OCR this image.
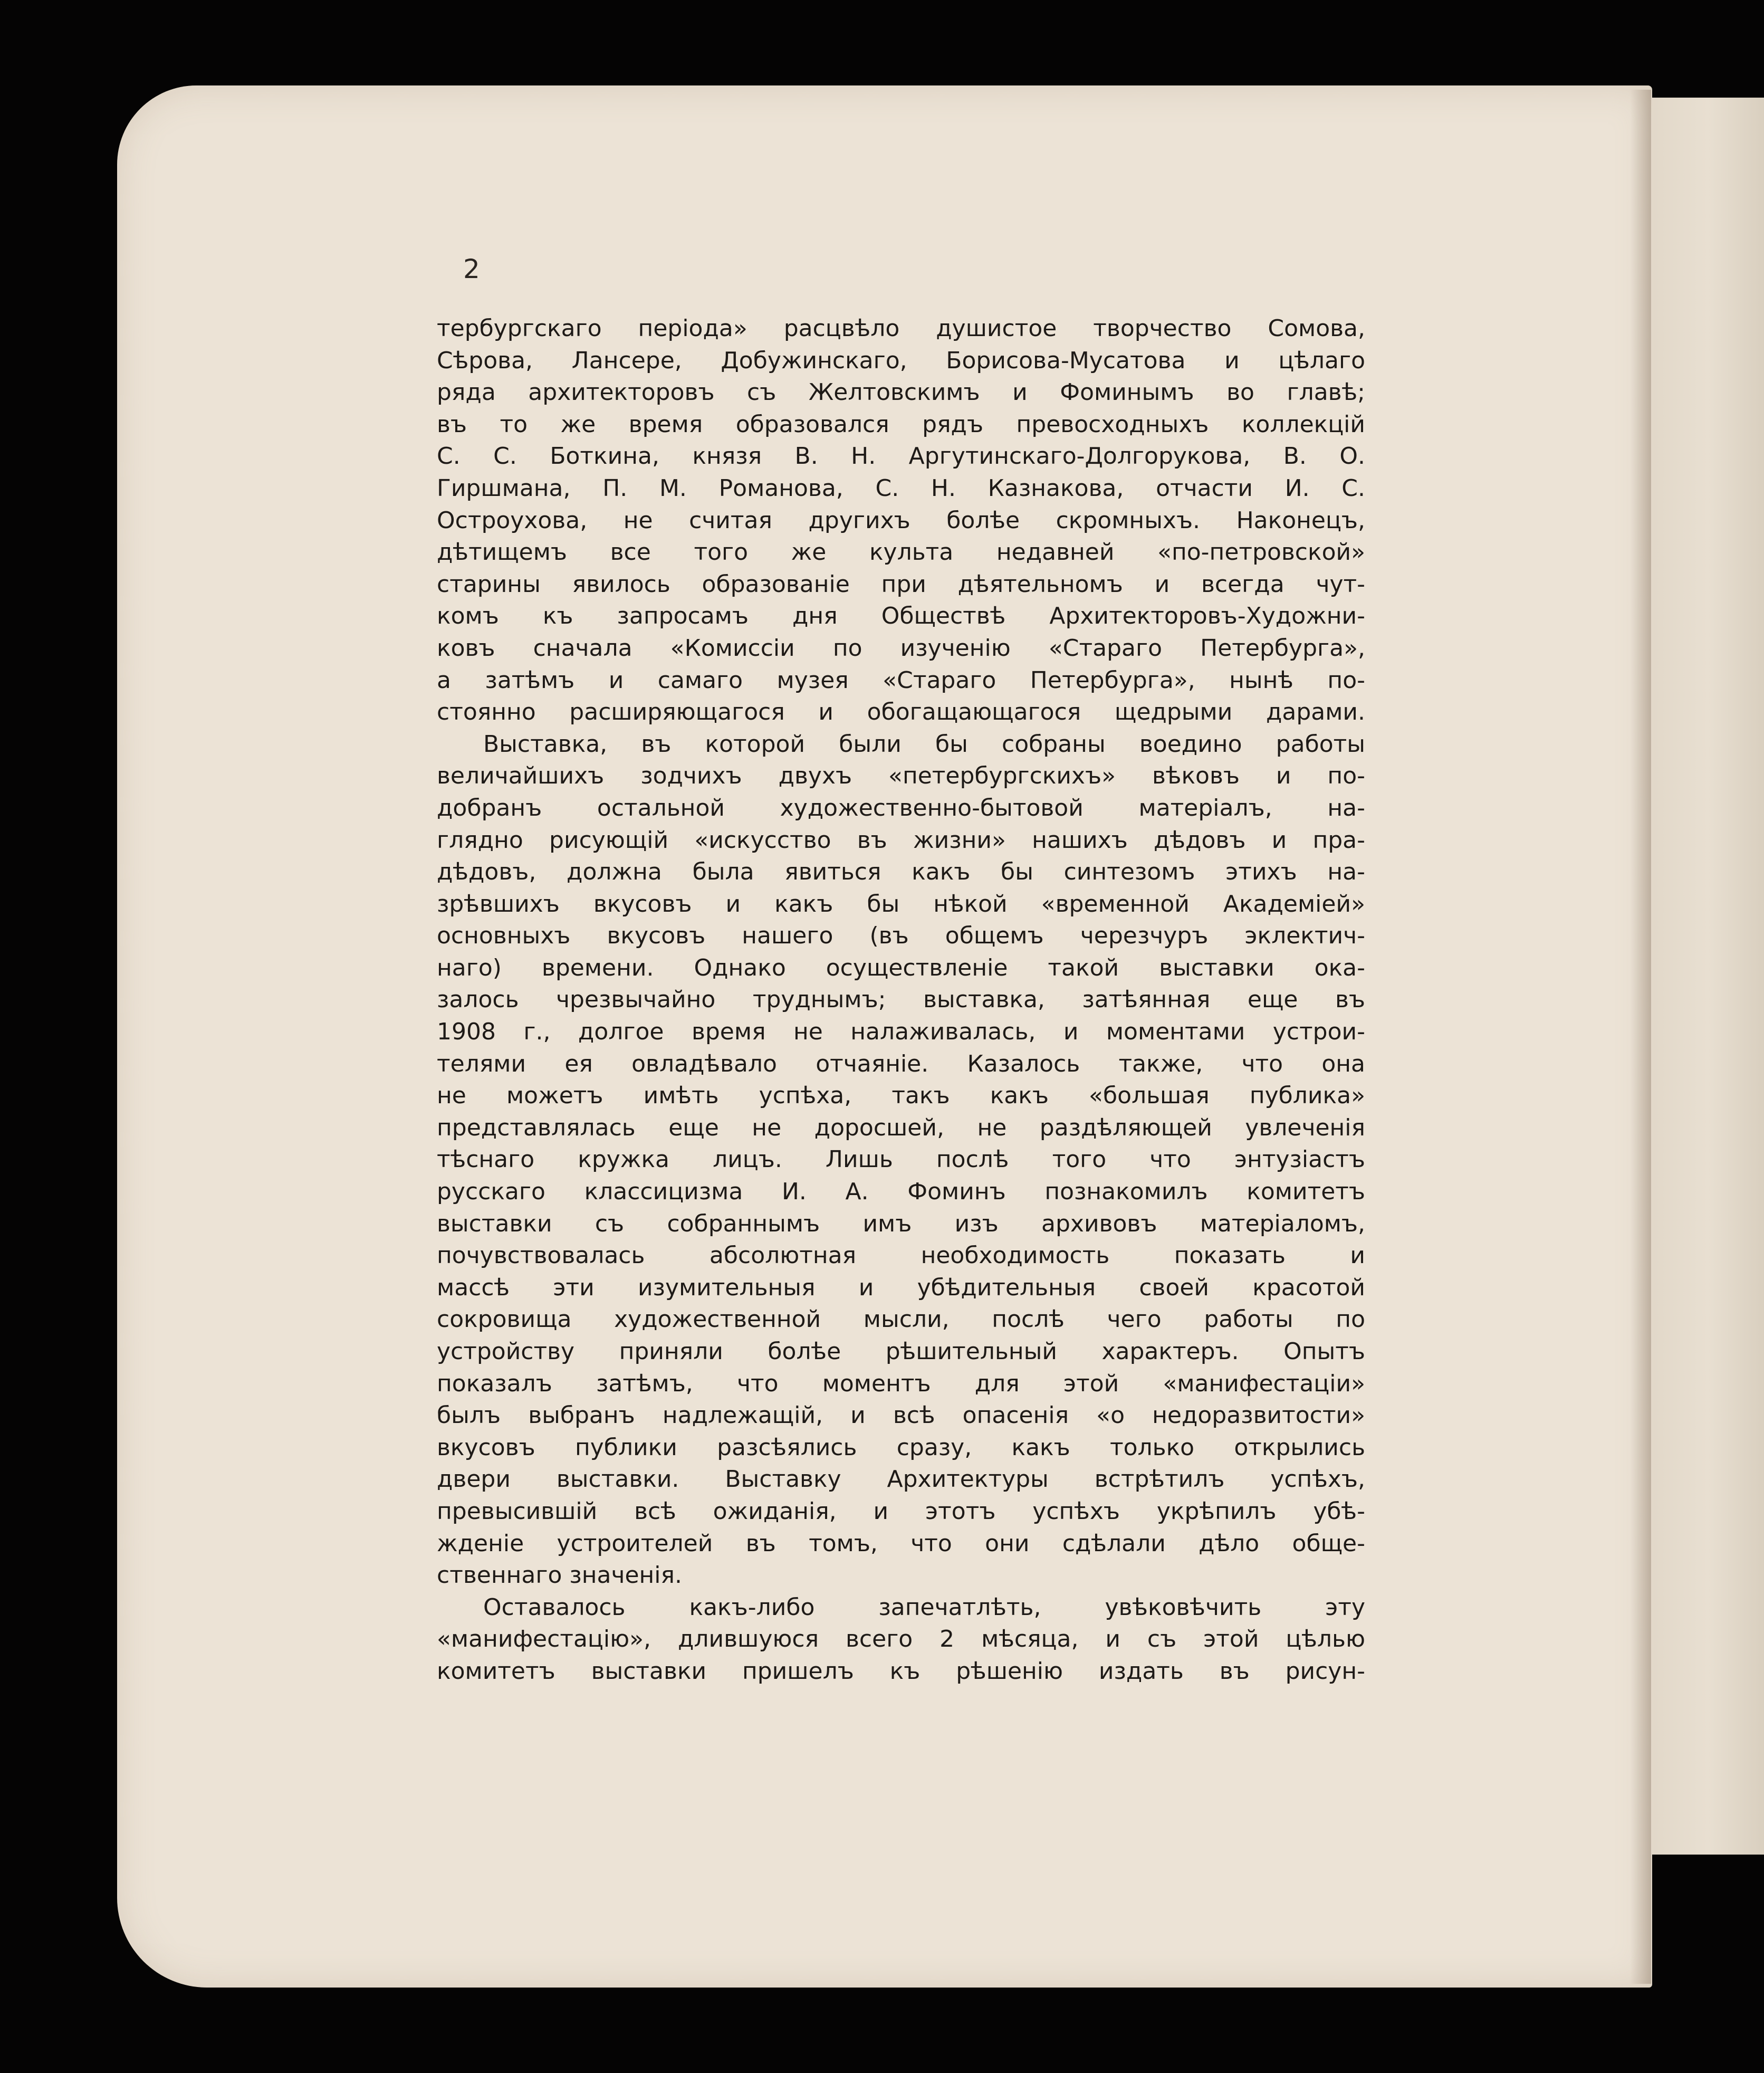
2
тербургскаго періода» расцвѣло душистое творчество Сомова,
Сѣрова, Лансере, Добужинскаго, Борисова-Мусатова и цѣлаго
ряда архитекторовъ съ Желтовскимъ и Фоминымъ во главѣ;
въ то же время образовался рядъ превосходныхъ коллекцій
С. С. Боткина, князя В. Н. Аргутинскаго-Долгорукова, В. О.
Гиршмана, П. М. Романова, С. Н. Казнакова, отчасти И. С.
Остроухова, не считая другихъ болѣе скромныхъ. Наконецъ,
дѣтищемъ все того же культа недавней «по-петровской»
старины явилось образованіе при дѣятельномъ и всегда чут-
комъ къ запросамъ дня Обществѣ Архитекторовъ-Художни-
ковъ сначала «Комиссіи по изученію «Стараго Петербурга»,
а затѣмъ и самаго музея «Стараго Петербурга», нынѣ по-
стоянно расширяющагося и обогащающагося щедрыми дарами.
Выставка, въ которой были бы собраны воедино работы
величайшихъ зодчихъ двухъ «петербургскихъ» вѣковъ и по-
добранъ остальной художественно-бытовой матеріалъ, на-
глядно рисующій «искусство въ жизни» нашихъ дѣдовъ и пра-
дѣдовъ, должна была явиться какъ бы синтезомъ этихъ на-
зрѣвшихъ вкусовъ и какъ бы нѣкой «временной Академіей»
основныхъ вкусовъ нашего (въ общемъ черезчуръ эклектич-
наго) времени. Однако осуществленіе такой выставки ока-
залось чрезвычайно труднымъ; выставка, затѣянная еще въ
1908 г., долгое время не налаживалась, и моментами устрои-
телями ея овладѣвало отчаяніе. Казалось также, что она
не можетъ имѣть успѣха, такъ какъ «большая публика»
представлялась еще не доросшей, не раздѣляющей увлеченія
тѣснаго кружка лицъ. Лишь послѣ того что энтузіастъ
русскаго классицизма И. А. Фоминъ познакомилъ комитетъ
выставки съ собраннымъ имъ изъ архивовъ матеріаломъ,
почувствовалась абсолютная необходимость показать и
массѣ эти изумительныя и убѣдительныя своей красотой
сокровища художественной мысли, послѣ чего работы по
устройству приняли болѣе рѣшительный характеръ. Опытъ
показалъ затѣмъ, что моментъ для этой «манифестаціи»
былъ выбранъ надлежащій, и всѣ опасенія «о недоразвитости»
вкусовъ публики разсѣялись сразу, какъ только открылись
двери выставки. Выставку Архитектуры встрѣтилъ успѣхъ,
превысившій всѣ ожиданія, и этотъ успѣхъ укрѣпилъ убѣ-
жденіе устроителей въ томъ, что они сдѣлали дѣло обще-
ственнаго значенія.
Оставалось какъ-либо запечатлѣть, увѣковѣчить эту
«манифестацію», длившуюся всего 2 мѣсяца, и съ этой цѣлью
комитетъ выставки пришелъ къ рѣшенію издать въ рисун-
